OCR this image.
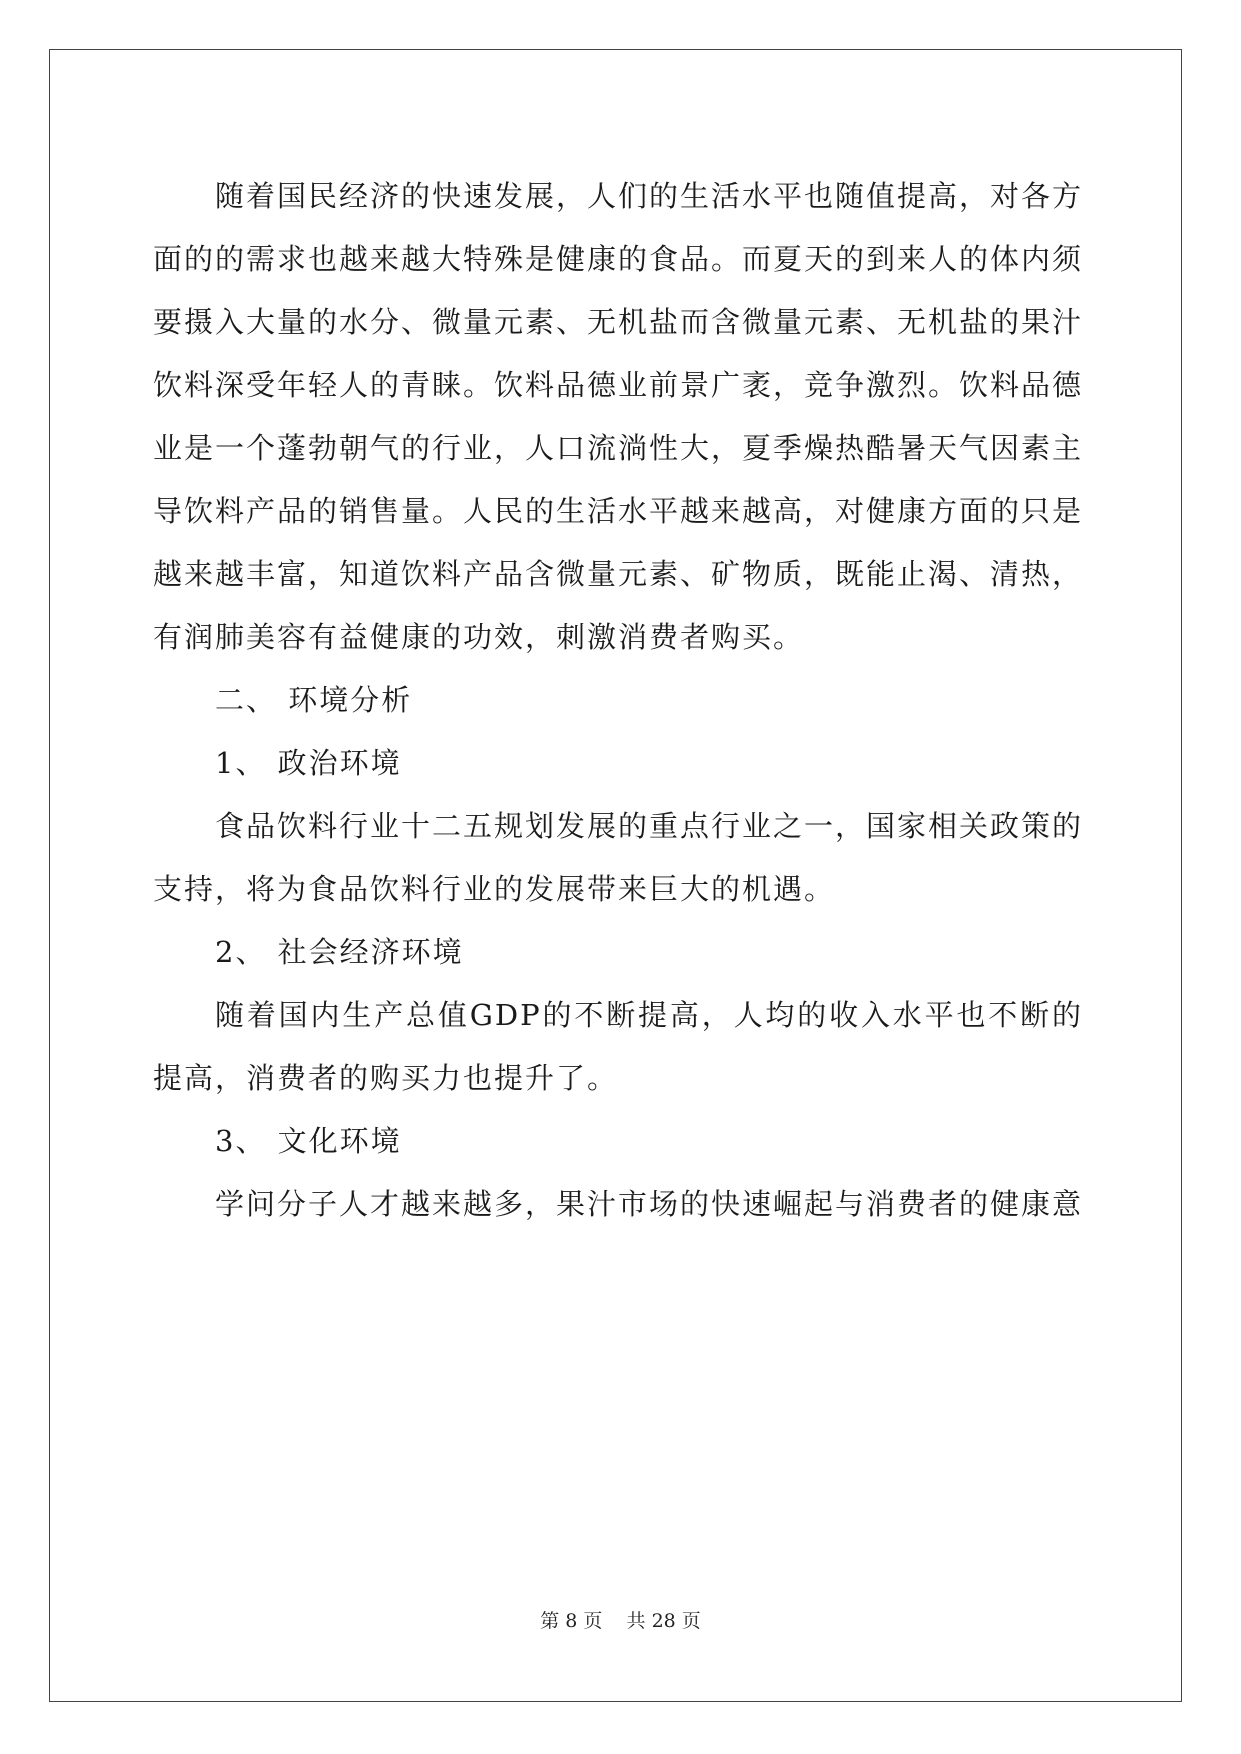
随着国民经济的快速发展，人们的生活水平也随值提高，对各方面的的需求也越来越大特殊是健康的食品。而夏天的到来人的体内须要摄入大量的水分、微量元素、无机盐而含微量元素、无机盐的果汁饮料深受年轻人的青睐。饮料品德业前景广袤，竞争激烈。饮料品德业是一个蓬勃朝气的行业，人口流淌性大，夏季燥热酷暑天气因素主导饮料产品的销售量。人民的生活水平越来越高，对健康方面的只是越来越丰富，知道饮料产品含微量元素、矿物质，既能止渴、清热，有润肺美容有益健康的功效，刺激消费者购买。

二、 环境分析

1、 政治环境

食品饮料行业十二五规划发展的重点行业之一，国家相关政策的支持，将为食品饮料行业的发展带来巨大的机遇。

2、 社会经济环境

随着国内生产总值GDP的不断提高，人均的收入水平也不断的提高，消费者的购买力也提升了。

3、 文化环境

学问分子人才越来越多，果汁市场的快速崛起与消费者的健康意

第 8 页 共 28 页
